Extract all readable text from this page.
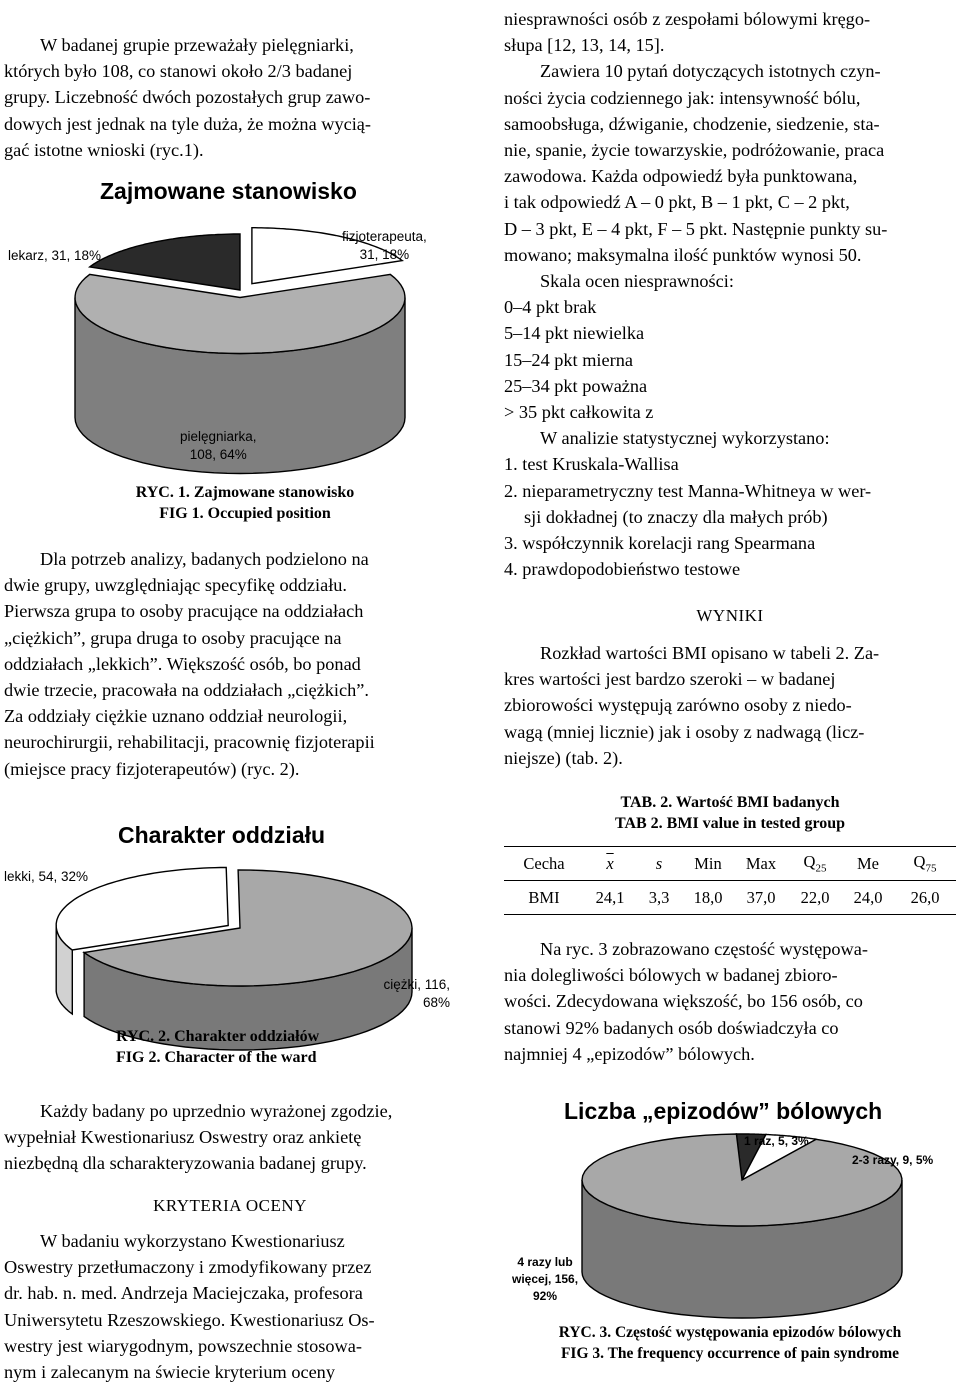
W badanej grupie przeważały pielęgniarki,
których było 108, co stanowi około 2/3 badanej
grupy. Liczebność dwóch pozostałych grup zawo-
dowych jest jednak na tyle duża, że można wycią-
gać istotne wnioski (ryc.1).
Zajmowane stanowisko
lekarz, 31, 18%
fizjoterapeuta,
31, 18%
pielęgniarka,
108, 64%
RYC. 1. Zajmowane stanowisko
FIG 1. Occupied position
Dla potrzeb analizy, badanych podzielono na
dwie grupy, uwzględniając specyfikę oddziału.
Pierwsza grupa to osoby pracujące na oddziałach
„ciężkich”, grupa druga to osoby pracujące na
oddziałach „lekkich”. Większość osób, bo ponad
dwie trzecie, pracowała na oddziałach „ciężkich”.
Za oddziały ciężkie uznano oddział neurologii,
neurochirurgii, rehabilitacji, pracownię fizjoterapii
(miejsce pracy fizjoterapeutów) (ryc. 2).
Charakter oddziału
lekki, 54, 32%
ciężki, 116,
68%
RYC. 2. Charakter oddziałów
FIG 2. Character of the ward
Każdy badany po uprzednio wyrażonej zgodzie,
wypełniał Kwestionariusz Oswestry oraz ankietę
niezbędną dla scharakteryzowania badanej grupy.
KRYTERIA OCENY
W badaniu wykorzystano Kwestionariusz
Oswestry przetłumaczony i zmodyfikowany przez
dr. hab. n. med. Andrzeja Maciejczaka, profesora
Uniwersytetu Rzeszowskiego. Kwestionariusz Os-
westry jest wiarygodnym, powszechnie stosowa-
nym i zalecanym na świecie kryterium oceny
niesprawności osób z zespołami bólowymi kręgo-
słupa [12, 13, 14, 15].
Zawiera 10 pytań dotyczących istotnych czyn-
ności życia codziennego jak: intensywność bólu,
samoobsługa, dźwiganie, chodzenie, siedzenie, sta-
nie, spanie, życie towarzyskie, podróżowanie, praca
zawodowa. Każda odpowiedź była punktowana,
i tak odpowiedź A – 0 pkt, B – 1 pkt, C – 2 pkt,
D – 3 pkt, E – 4 pkt, F – 5 pkt. Następnie punkty su-
mowano; maksymalna ilość punktów wynosi 50.
Skala ocen niesprawności:
0–4 pkt brak
5–14 pkt niewielka
15–24 pkt mierna
25–34 pkt poważna
> 35 pkt całkowita z
W analizie statystycznej wykorzystano:
1. test Kruskala-Wallisa
2. nieparametryczny test Manna-Whitneya w wer-
sji dokładnej (to znaczy dla małych prób)
3. współczynnik korelacji rang Spearmana
4. prawdopodobieństwo testowe
WYNIKI
Rozkład wartości BMI opisano w tabeli 2. Za-
kres wartości jest bardzo szeroki – w badanej
zbiorowości występują zarówno osoby z niedo-
wagą (mniej licznie) jak i osoby z nadwagą (licz-
niejsze) (tab. 2).
TAB. 2. Wartość BMI badanych
TAB 2. BMI value in tested group
Cecha	$\overline{x}$	s	Min	Max	$Q_{25}$	Me	$Q_{75}$
BMI	24,1	3,3	18,0	37,0	22,0	24,0	26,0
Na ryc. 3 zobrazowano częstość występowa-
nia dolegliwości bólowych w badanej zbioro-
wości. Zdecydowana większość, bo 156 osób, co
stanowi 92% badanych osób doświadczyła co
najmniej 4 „epizodów” bólowych.
Liczba „epizodów” bólowych
1 raz, 5, 3%
2-3 razy, 9, 5%
4 razy lub
więcej, 156,
92%
RYC. 3. Częstość występowania epizodów bólowych
FIG 3. The frequency occurrence of pain syndrome
